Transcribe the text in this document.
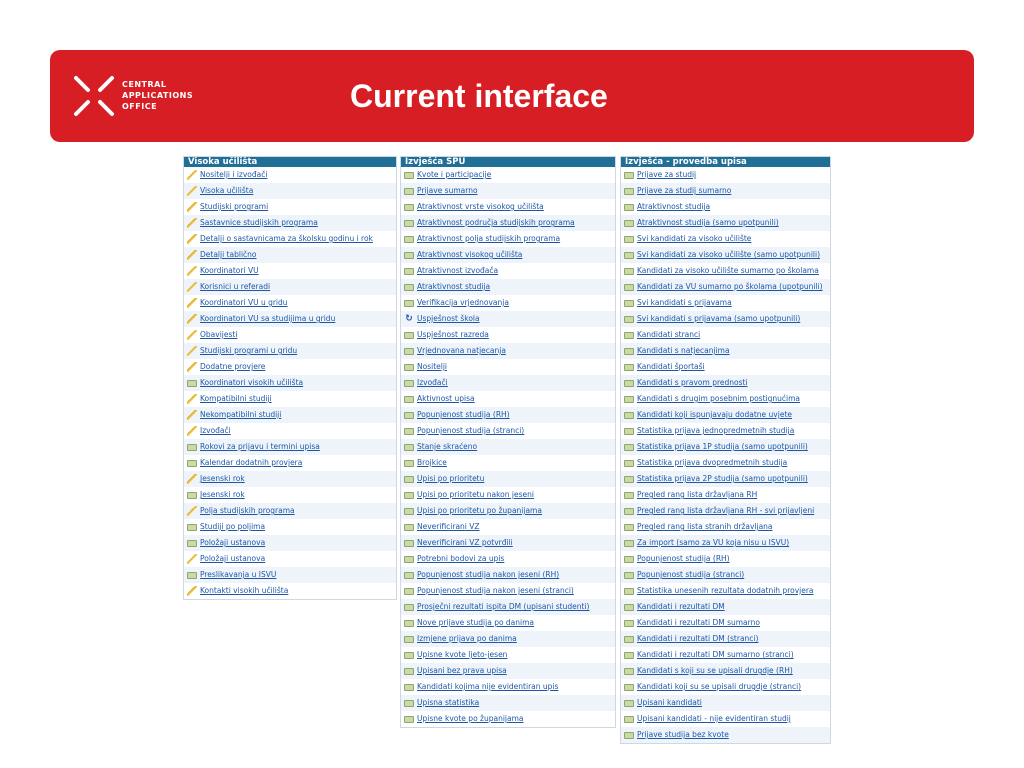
CENTRAL
APPLICATIONS
OFFICE	Current interface
Visoka učilišta
Nositelji i izvođači
Visoka učilišta
Studijski programi
Sastavnice studijskih programa
Detalji o sastavnicama za školsku godinu i rok
Detalji tablično
Koordinatori VU
Korisnici u referadi
Koordinatori VU u gridu
Koordinatori VU sa studijima u gridu
Obavijesti
Studijski programi u gridu
Dodatne provjere
Koordinatori visokih učilišta
Kompatibilni studiji
Nekompatibilni studiji
Izvođači
Rokovi za prijavu i termini upisa
Kalendar dodatnih provjera
Jesenski rok
Jesenski rok
Polja studijskih programa
Studiji po poljima
Položaji ustanova
Položaji ustanova
Preslikavanja u ISVU
Kontakti visokih učilišta
Izvješća SPU
Kvote i participacije
Prijave sumarno
Atraktivnost vrste visokog učilišta
Atraktivnost područja studijskih programa
Atraktivnost polja studijskih programa
Atraktivnost visokog učilišta
Atraktivnost izvođača
Atraktivnost studija
Verifikacija vrjednovanja
↻ Uspješnost škola
Uspješnost razreda
Vrjednovana natjecanja
Nositelji
Izvođači
Aktivnost upisa
Popunjenost studija (RH)
Popunjenost studija (stranci)
Stanje skraćeno
Brojkice
Upisi po prioritetu
Upisi po prioritetu nakon jeseni
Upisi po prioritetu po županijama
Neverificirani VZ
Neverificirani VZ potvrđili
Potrebni bodovi za upis
Popunjenost studija nakon jeseni (RH)
Popunjenost studija nakon jeseni (stranci)
Prosječni rezultati ispita DM (upisani studenti)
Nove prijave studija po danima
Izmjene prijava po danima
Upisne kvote ljeto-jesen
Upisani bez prava upisa
Kandidati kojima nije evidentiran upis
Upisna statistika
Upisne kvote po županijama
Izvješća - provedba upisa
Prijave za studij
Prijave za studij sumarno
Atraktivnost studija
Atraktivnost studija (samo upotpunili)
Svi kandidati za visoko učilište
Svi kandidati za visoko učilište (samo upotpunili)
Kandidati za visoko učilište sumarno po školama
Kandidati za VU sumarno po školama (upotpunili)
Svi kandidati s prijavama
Svi kandidati s prijavama (samo upotpunili)
Kandidati stranci
Kandidati s natjecanjima
Kandidati športaši
Kandidati s pravom prednosti
Kandidati s drugim posebnim postignućima
Kandidati koji ispunjavaju dodatne uvjete
Statistika prijava jednopredmetnih studija
Statistika prijava 1P studija (samo upotpunili)
Statistika prijava dvopredmetnih studija
Statistika prijava 2P studija (samo upotpunili)
Pregled rang lista državljana RH
Pregled rang lista državljana RH - svi prijavljeni
Pregled rang lista stranih državljana
Za import (samo za VU koja nisu u ISVU)
Popunjenost studija (RH)
Popunjenost studija (stranci)
Statistika unesenih rezultata dodatnih provjera
Kandidati i rezultati DM
Kandidati i rezultati DM sumarno
Kandidati i rezultati DM (stranci)
Kandidati i rezultati DM sumarno (stranci)
Kandidati s koji su se upisali drugdje (RH)
Kandidati koji su se upisali drugdje (stranci)
Upisani kandidati
Upisani kandidati - nije evidentiran studij
Prijave studija bez kvote
